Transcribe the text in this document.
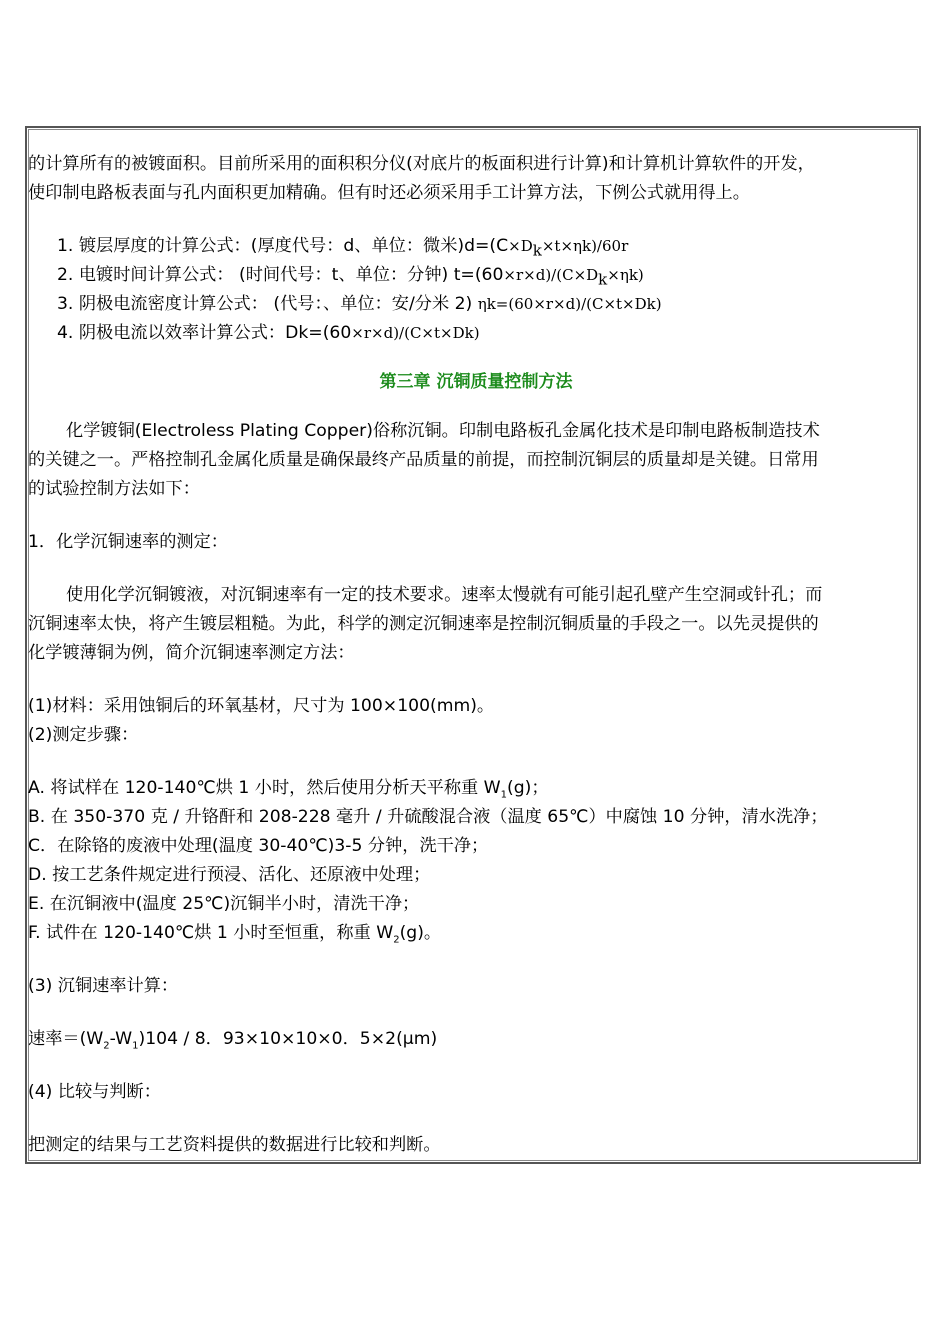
的计算所有的被镀面积。目前所采用的面积积分仪(对底片的板面积进行计算)和计算机计算软件的开发，
使印制电路板表面与孔内面积更加精确。但有时还必须采用手工计算方法，下例公式就用得上。
1. 镀层厚度的计算公式：(厚度代号：d、单位：微米)$d=(C\times D_k\times t\times\eta k)/60r$
2. 电镀时间计算公式： (时间代号：t、单位：分钟) $t=(60\times r\times d)/(C\times D_k\times\eta k)$
3. 阴极电流密度计算公式： (代号：、单位：安/分米 2) ηk=(60×r×d)/(C×t×Dk)
4. 阴极电流以效率计算公式：Dk=(60×r×d)/(C×t×Dk)
第三章 沉铜质量控制方法
化学镀铜(Electroless Plating Copper)俗称沉铜。印制电路板孔金属化技术是印制电路板制造技术
的关键之一。严格控制孔金属化质量是确保最终产品质量的前提，而控制沉铜层的质量却是关键。日常用
的试验控制方法如下：
1．化学沉铜速率的测定：
使用化学沉铜镀液，对沉铜速率有一定的技术要求。速率太慢就有可能引起孔壁产生空洞或针孔；而
沉铜速率太快，将产生镀层粗糙。为此，科学的测定沉铜速率是控制沉铜质量的手段之一。以先灵提供的
化学镀薄铜为例，简介沉铜速率测定方法：
(1)材料：采用蚀铜后的环氧基材，尺寸为 100×100(mm)。
(2)测定步骤：
A. 将试样在 120-140℃烘 1 小时，然后使用分析天平称重 $W_1(g)$；
B. 在 350-370 克 / 升铬酐和 208-228 毫升 / 升硫酸混合液（温度 65℃）中腐蚀 10 分钟，清水洗净；
C．在除铬的废液中处理(温度 30-40℃)3-5 分钟，洗干净；
D. 按工艺条件规定进行预浸、活化、还原液中处理；
E. 在沉铜液中(温度 25℃)沉铜半小时，清洗干净；
F. 试件在 120-140℃烘 1 小时至恒重，称重 $W_2(g)$。
(3) 沉铜速率计算：
速率$=(W_2-W_1)104 / 8$．93×10×10×0．5×2(μm)
(4) 比较与判断：
把测定的结果与工艺资料提供的数据进行比较和判断。
